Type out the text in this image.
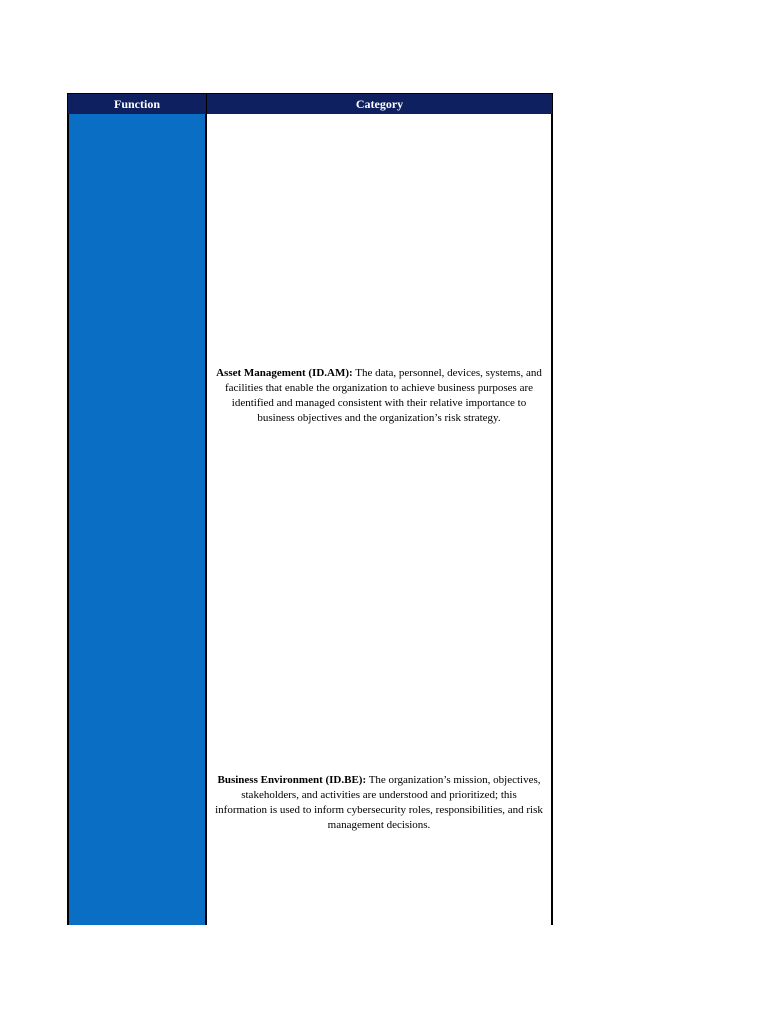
Function	Category
Asset Management (ID.AM): The data, personnel, devices, systems, and facilities that enable the organization to achieve business purposes are identified and managed consistent with their relative importance to business objectives and the organization’s risk strategy.
Business Environment (ID.BE): The organization’s mission, objectives, stakeholders, and activities are understood and prioritized; this information is used to inform cybersecurity roles, responsibilities, and risk management decisions.
